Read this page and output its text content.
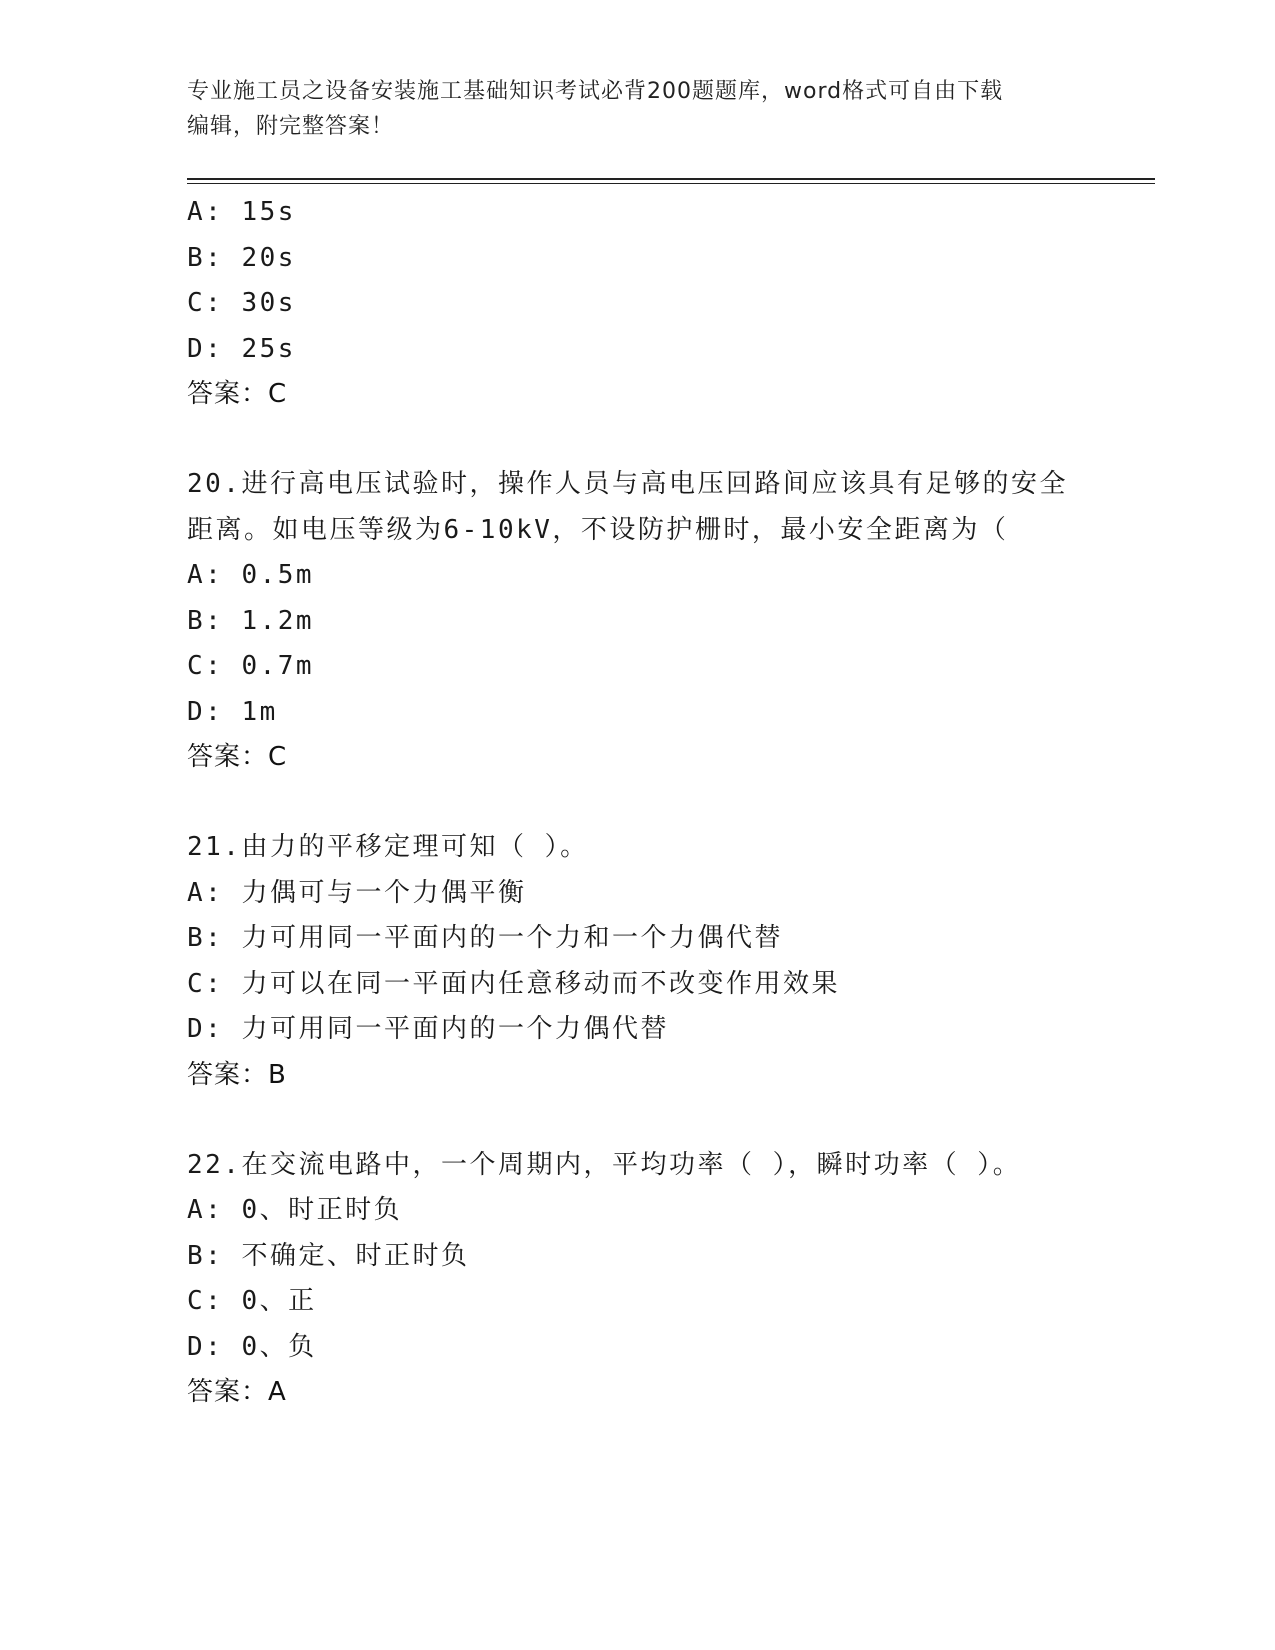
专业施工员之设备安装施工基础知识考试必背200题题库，word格式可自由下载
编辑，附完整答案！
A: 15s
B: 20s
C: 30s
D: 25s
答案：C
20.进行高电压试验时，操作人员与高电压回路间应该具有足够的安全
距离。如电压等级为6-10kV，不设防护栅时，最小安全距离为（
A: 0.5m
B: 1.2m
C: 0.7m
D: 1m
答案：C
21.由力的平移定理可知（ ）。
A: 力偶可与一个力偶平衡
B: 力可用同一平面内的一个力和一个力偶代替
C: 力可以在同一平面内任意移动而不改变作用效果
D: 力可用同一平面内的一个力偶代替
答案：B
22.在交流电路中，一个周期内，平均功率（ ），瞬时功率（ ）。
A: 0、时正时负
B: 不确定、时正时负
C: 0、正
D: 0、负
答案：A
